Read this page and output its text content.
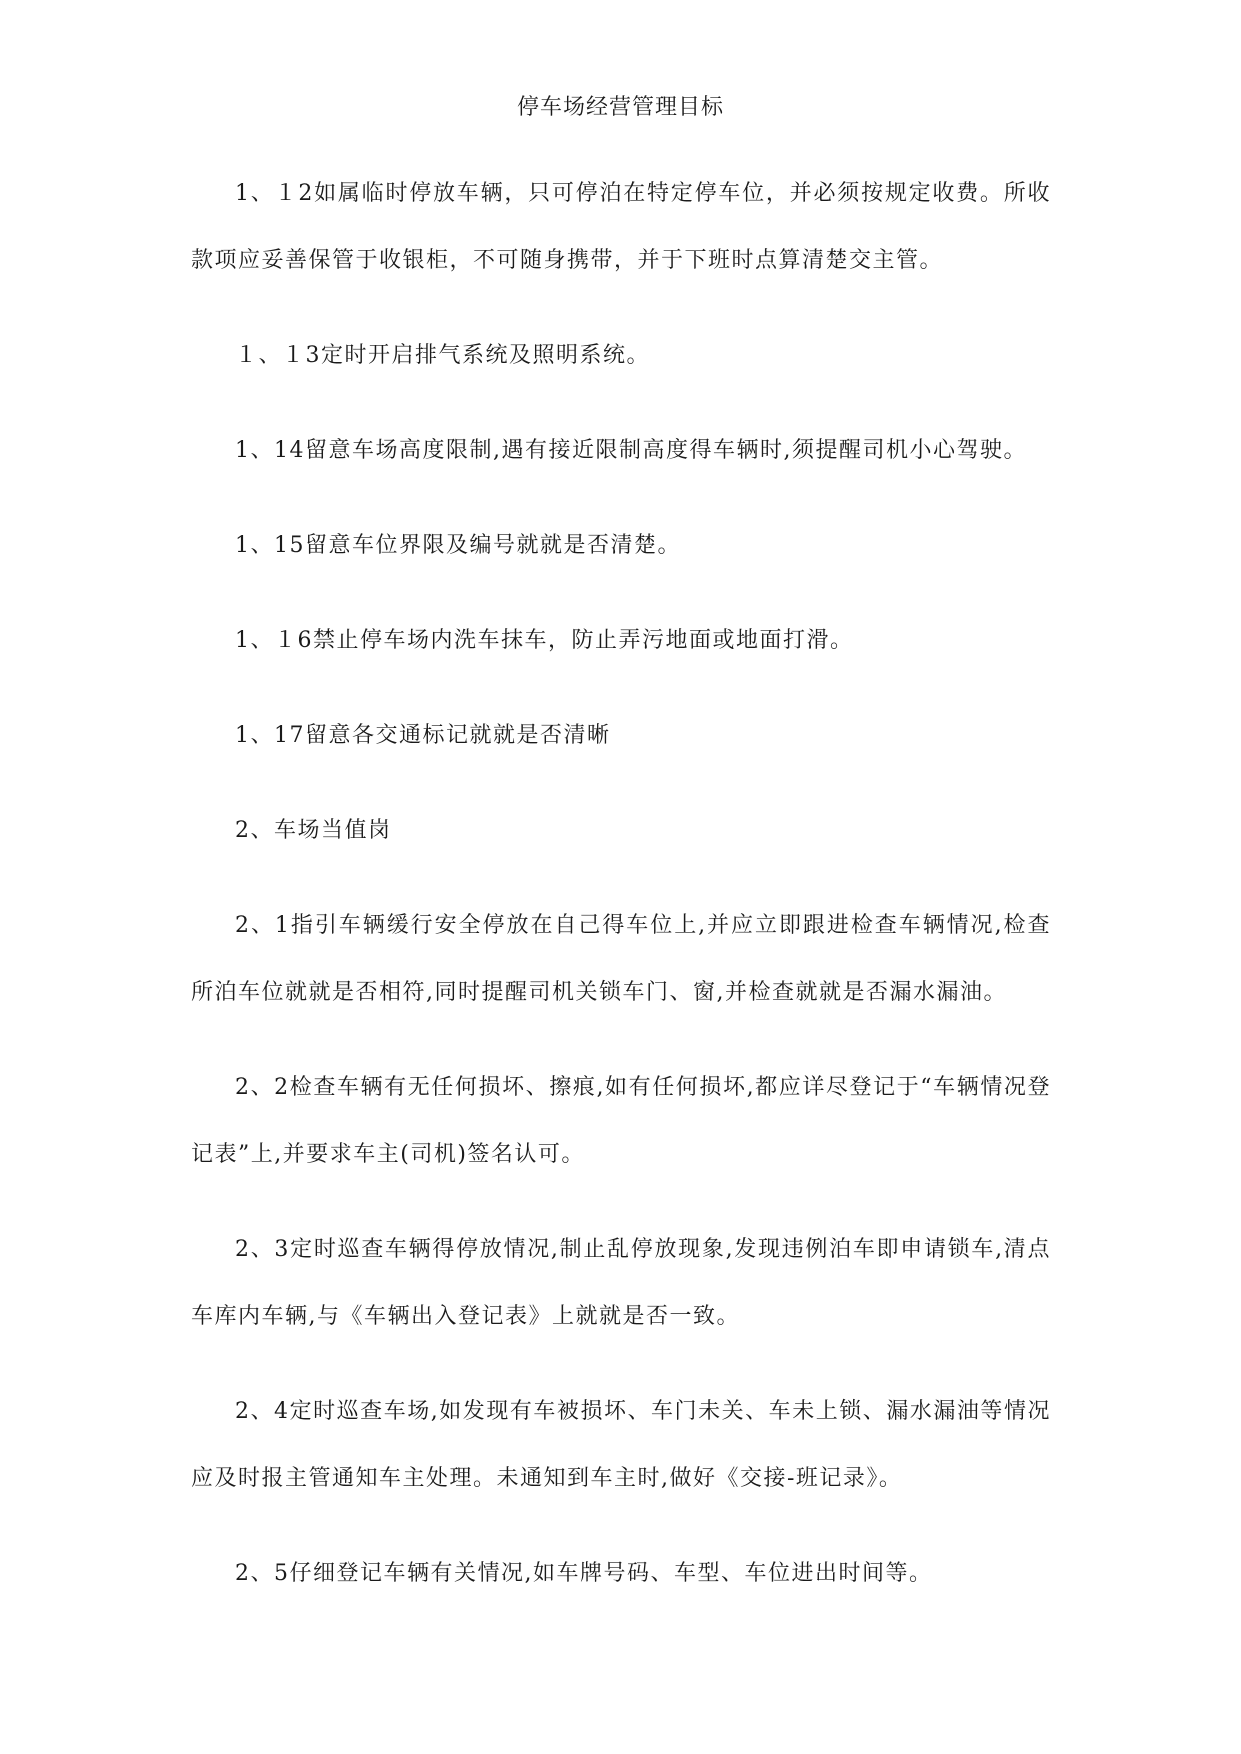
停车场经营管理目标

1、１2如属临时停放车辆，只可停泊在特定停车位，并必须按规定收费。所收款项应妥善保管于收银柜，不可随身携带，并于下班时点算清楚交主管。

１、１3定时开启排气系统及照明系统。

1、14留意车场高度限制,遇有接近限制高度得车辆时,须提醒司机小心驾驶。

1、15留意车位界限及编号就就是否清楚。

1、１6禁止停车场内洗车抹车，防止弄污地面或地面打滑。

1、17留意各交通标记就就是否清晰

2、车场当值岗

2、1指引车辆缓行安全停放在自己得车位上,并应立即跟进检查车辆情况,检查所泊车位就就是否相符,同时提醒司机关锁车门、窗,并检查就就是否漏水漏油。

2、2检查车辆有无任何损坏、擦痕,如有任何损坏,都应详尽登记于“车辆情况登记表”上,并要求车主(司机)签名认可。

2、3定时巡查车辆得停放情况,制止乱停放现象,发现违例泊车即申请锁车,清点车库内车辆,与《车辆出入登记表》上就就是否一致。

2、4定时巡查车场,如发现有车被损坏、车门未关、车未上锁、漏水漏油等情况应及时报主管通知车主处理。未通知到车主时,做好《交接-班记录》。

2、5仔细登记车辆有关情况,如车牌号码、车型、车位进出时间等。
